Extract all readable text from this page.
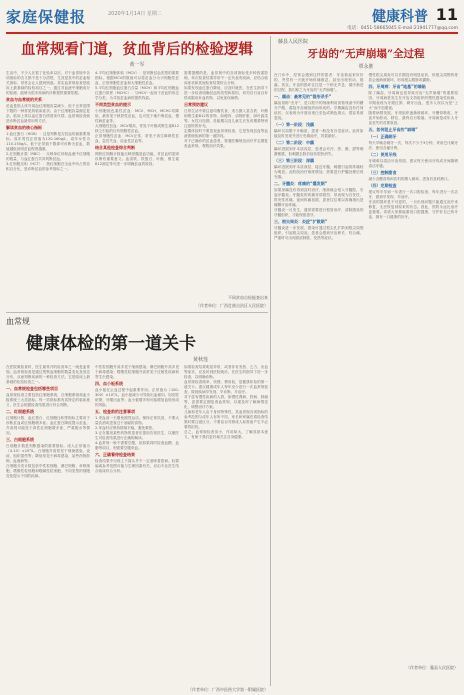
家庭保健报	2020年1月14日 星期二	健康科普 11
电话：0451-58665045 E-mail:21941777@qq.com
血常规看门道，贫血背后的检验逻辑
黄一军
生活中，不少人在看了化验单以后，对于血常规中各项指标的含义都不是十分清楚，尤其是其中的贫血相关指标，常常会让人感到困惑。其实血常规检查是临床上最基础的检验项目之一，通过对血液中细胞成分的检测，能够为很多疾病的诊断提供重要依据。
贫血与血常规的关系
贫血是指人体外周血红细胞容量减少，低于正常范围下限的一种常见的临床症状。由于红细胞容量测定复杂，临床上常以血红蛋白浓度来代替。血常规检查就是诊断贫血最常用的方法。
解读贫血的核心指标
1.血红蛋白（HGB）：这是判断是否贫血的最重要指标。成年男性正常值为120-160g/L，成年女性为110-150g/L。低于正常值下限即可诊断为贫血，数值越低说明贫血程度越重。
2.红细胞计数（RBC）：反映单位体积血液中红细胞的数量，与血红蛋白共同判断贫血。
3.红细胞压积（HCT）：指红细胞在全血中所占的容积百分比，是诊断贫血的参考指标之一。
4.平均红细胞体积（MCV）：是判断贫血类型的重要指标。根据MCV的数值可以将贫血分为小细胞性贫血、正常细胞性贫血和大细胞性贫血。
5.平均红细胞血红蛋白含量（MCH）和平均红细胞血红蛋白浓度（MCHC）：与MCV一起用于贫血的形态学分类，为寻找贫血病因提供线索。
不同类型贫血的提示
小细胞低色素性贫血：MCV、MCH、MCHC均降低，最常见于缺铁性贫血，也可见于地中海贫血、慢性病贫血等。
大细胞性贫血：MCV增高，常见于叶酸或维生素B12缺乏引起的巨幼细胞性贫血。
正常细胞性贫血：MCV正常，常见于再生障碍性贫血、急性失血、溶血性贫血等。
结合其他检查综合判断
网织红细胞计数能反映骨髓造血功能，对贫血的鉴别诊断有重要意义。血清铁、铁蛋白、叶酸、维生素B12测定等可进一步明确贫血的原因。
需要提醒的是，血常规中的各项指标受多种因素影响，单次检查结果异常不一定代表有疾病，应结合临床症状和其他检查结果综合分析。
如果发现血红蛋白降低，应及时就医，在医生指导下进一步检查明确贫血的类型和原因，切勿自行盲目补铁或服用补血药物，以免延误病情。
日常预防建议
日常生活中要注意均衡饮食，适当摄入富含铁、叶酸和维生素B12的食物，如瘦肉、动物肝脏、绿叶蔬菜等。女性月经期、妊娠期以及儿童生长发育期要特别注意铁的补充。
定期体检时不要忽视血常规检查，它是发现贫血等血液系统疾病的第一道防线。
对于已确诊的贫血患者，要遵医嘱规范治疗并定期复查血常规，观察治疗效果。
不同贫血自检能查出来
（作者单位：广西壮族自治区人民医院）
血常规
健康体检的第一道关卡
黄秋莲
在医院做检查时，医生最常开的检查单之一就是血常规。血常规检查是通过观察血细胞的数量变化及形态分布，从而判断疾病的一种检查方法。它是临床上最基础的化验检查之一。
一、血常规检查包括哪些项目
血常规检查主要包括红细胞系统、白细胞系统和血小板系统三大类指标。每一类指标都有其特定的临床意义，医生会根据检查结果进行综合判断。
二、红细胞系统
红细胞计数、血红蛋白、红细胞压积等指标主要用于诊断贫血或红细胞增多症。血红蛋白降低提示贫血，升高则可能见于真性红细胞增多症、严重脱水等情况。
三、白细胞系统
白细胞计数是判断感染的重要指标。成人正常值为（4-10）×10⁹/L。白细胞升高常见于细菌感染、炎症、组织损伤等；降低常见于病毒感染、某些药物影响、血液病等。
白细胞分类计数包括中性粒细胞、淋巴细胞、单核细胞、嗜酸性粒细胞和嗜碱性粒细胞，不同类型的细胞变化提示不同的疾病。
中性粒细胞升高多见于细菌感染；淋巴细胞升高多见于病毒感染；嗜酸性粒细胞升高常见于过敏性疾病和寄生虫感染。
四、血小板系统
血小板在止血过程中起重要作用。正常值为（100-300）×10⁹/L。血小板减少可导致出血倾向，如皮肤瘀斑、牙龈出血等；血小板增多则可能增加血栓形成的风险。
五、检查前的注意事项
1.采血前一天避免剧烈运动，保持正常饮食，不要大量饮酒或进食过于油腻的食物。
2.采血时应保持情绪平稳，避免紧张。
3.正在服用某些药物的患者应提前告知医生，以便医生对检查结果进行正确的解读。
4.血常规一般不需要空腹，但如果同时检查血糖、血脂等项目，则需要空腹采血。
六、正确看待检查结果
检查结果中出现上下箭头并不一定意味着患病。轻微偏离参考范围可能与生理因素有关，应由专业医生结合临床综合分析。
如果检查结果明显异常，或者伴有发热、乏力、出血等症状，应及时到医院就诊，在医生的指导下进一步检查，以明确诊断。
血常规检查简单、快捷、费用低，是健康体检的第一道关卡。建议健康成年人每年至少进行一次血常规检查，做到疾病早发现、早诊断、早治疗。
对于患有慢性疾病的人群，如慢性肾病、肝病、肿瘤等，更需要定期复查血常规，以便及时了解病情变化，调整治疗方案。
儿童和老年人由于身体特殊性，其血常规各项指标的参考范围与成年人有所不同，家长和家属在看检查结果时要注意区分，不要盲目对照成人标准而产生不必要的担忧。
总之，血常规检查虽小，作用却大，了解其基本意义，有助于我们更好地关注自身健康。
（作者单位：广西中医药大学第一附属医院）
藤县人民医院
牙齿的“无声崩塌”全过程
覃永胜
在门诊中，经常会遇到这样的患者：牙齿看起来好好的，突然有一天就开始疼痛难忍，甚至出现松动、脱落。其实，牙齿的损坏往往是一个悄无声息、循序渐进的过程，我们称之为牙齿的“无声崩塌”。
一、龋齿：最常见的“隐形杀手”
龋齿俗称“虫牙”，是口腔中的细菌利用食物残渣中的糖分产酸，腐蚀牙齿硬组织而形成的。早期龋齿没有任何症状，仅表现为牙面出现白垩色或褐色斑点，很容易被忽视。
（一）第一阶段：浅龋
龋坏仅局限于牙釉质，患者一般没有自觉症状。此时如能及时发现并进行充填治疗，效果最好。
（二）第二阶段：中龋
龋坏进展到牙本质浅层，患者会对冷、热、酸、甜等刺激敏感，但刺激去除后症状很快消失。
（三）第三阶段：深龋
龋坏进展到牙本质深层，接近牙髓，刺激引起的疼痛较为明显。此阶段治疗难度增加，需要进行护髓处理后再充填。
二、牙髓炎：疼痛的“爆发期”
如果深龋没有得到及时治疗，细菌就会侵入牙髓腔，引起牙髓炎。牙髓炎的疼痛非常剧烈，常表现为自发性、阵发性疼痛，夜间疼痛加剧，患者往往难以准确指出是哪颗牙齿疼痛。
牙髓炎一旦发生，通常需要进行根管治疗，清除感染的牙髓组织，才能保留患牙。
三、根尖周炎：炎症“扩散期”
牙髓炎进一步发展，感染可通过根尖孔扩散到根尖周围组织，引起根尖周炎。患者会感到牙齿伸长、咬合痛，严重时可出现面部肿胀、发热等症状。
慢性根尖周炎可以长期没有明显症状，但根尖周围的骨质会逐渐被破坏，形成根尖脓肿或囊肿。
四、牙周病：牙齿“地基”的塌陷
除了龋齿，牙周病也是导致牙齿“无声崩塌”的重要原因。牙周病是发生在牙齿支持组织的慢性感染性疾病，早期表现为牙龈红肿、刷牙出血，很多人误以为是“上火”而不加重视。
随着病情发展，牙周组织逐渐被破坏，牙槽骨吸收，牙齿开始松动、移位，最终自行脱落。牙周病是成年人牙齿丧失的首要原因。
五、如何阻止牙齿的“崩塌”
（一）正确刷牙
每天早晚各刷牙一次，每次不少于3分钟，采用巴氏刷牙法，使用含氟牙膏。
（二）使用牙线
牙刷难以清洁牙齿邻面，建议每天使用牙线或牙间隙刷清洁牙缝。
（三）控制甜食
减少含糖食物和饮料的摄入频率，进食后及时漱口。
（四）定期检查
建议每半年到一年进行一次口腔检查，每年进行一次洁牙，做到早发现、早治疗。
牙齿的损坏是不可逆的，一旦出现问题只能通过治疗来修复，无法恢复到原来的状态。因此，预防永远比治疗更重要。希望大家都能重视口腔健康，守护好自己的牙齿，拥有一口健康的好牙。
（作者单位：藤县人民医院）
